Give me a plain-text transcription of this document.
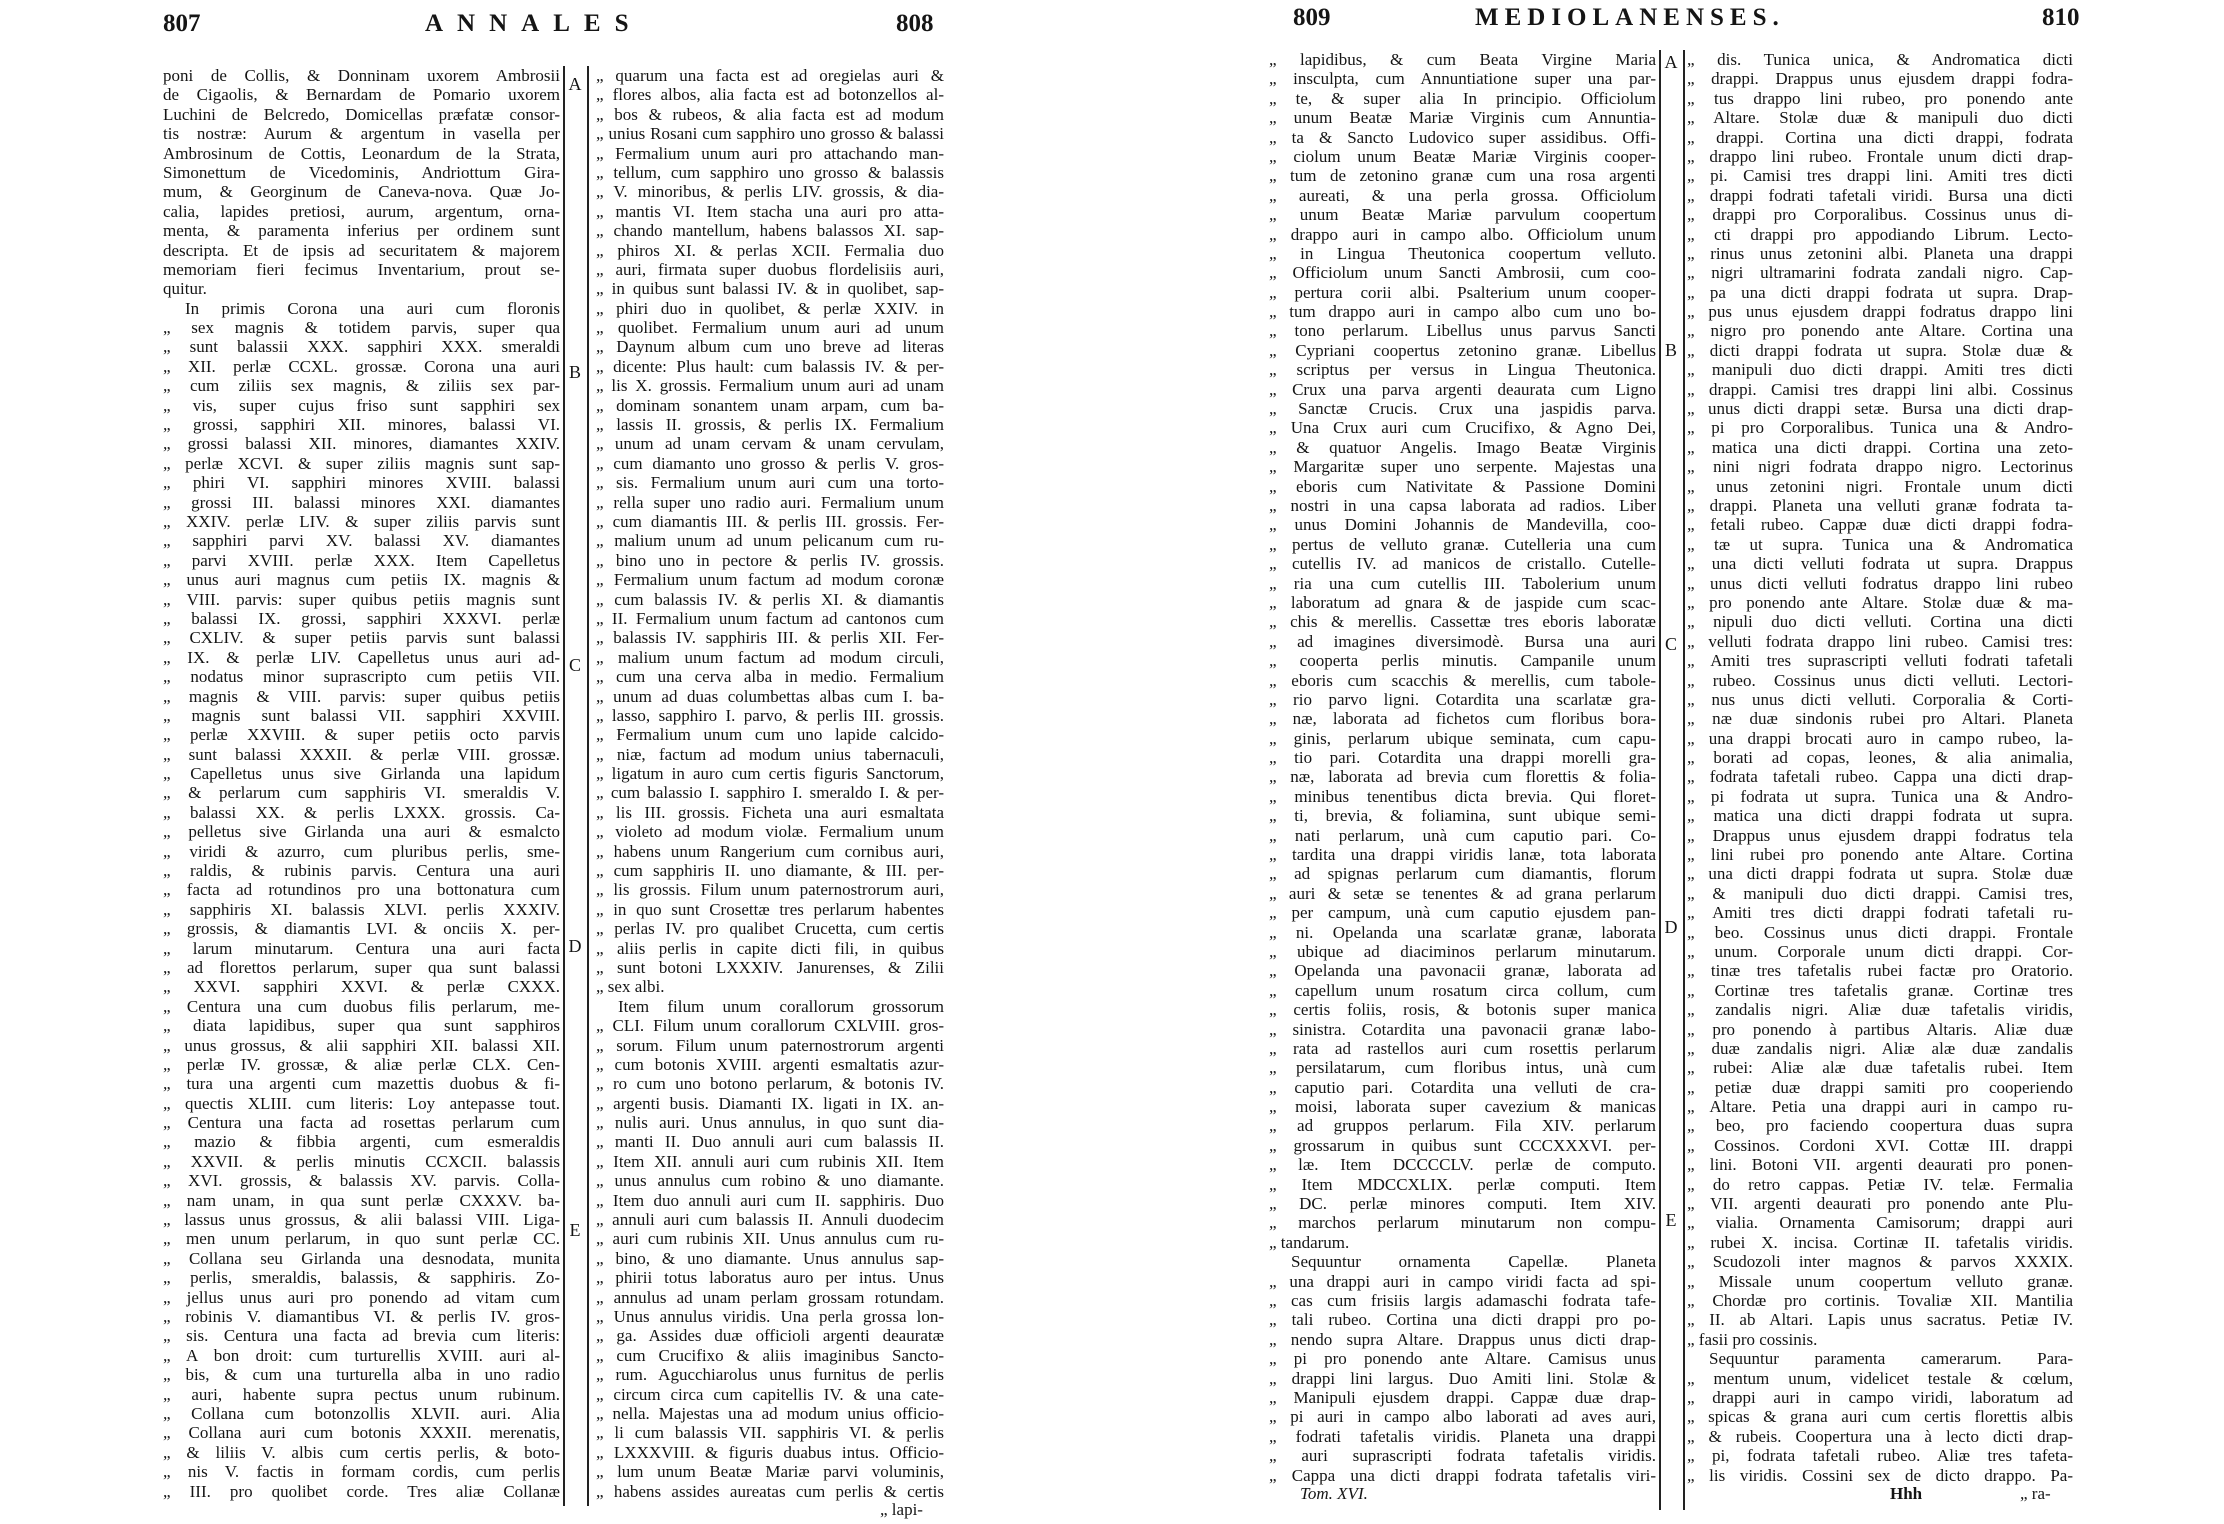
807	ANNALES	808
poni de Collis, & Donninam uxorem Ambrosii
de Cigaolis, & Bernardam de Pomario uxorem
Luchini de Belcredo, Domicellas præfatæ consor-
tis nostræ: Aurum & argentum in vasella per
Ambrosinum de Cottis, Leonardum de la Strata,
Simonettum de Vicedominis, Andriottum Gira-
mum, & Georginum de Caneva-nova. Quæ Jo-
calia, lapides pretiosi, aurum, argentum, orna-
menta, & paramenta inferius per ordinem sunt
descripta. Et de ipsis ad securitatem & majorem
memoriam fieri fecimus Inventarium, prout se-
quitur.
In primis Corona una auri cum floronis
„ sex magnis & totidem parvis, super qua
„ sunt balassii XXX. sapphiri XXX. smeraldi
„ XII. perlæ CCXL. grossæ. Corona una auri
„ cum ziliis sex magnis, & ziliis sex par-
„ vis, super cujus friso sunt sapphiri sex
„ grossi, sapphiri XII. minores, balassi VI.
„ grossi balassi XII. minores, diamantes XXIV.
„ perlæ XCVI. & super ziliis magnis sunt sap-
„ phiri VI. sapphiri minores XVIII. balassi
„ grossi III. balassi minores XXI. diamantes
„ XXIV. perlæ LIV. & super ziliis parvis sunt
„ sapphiri parvi XV. balassi XV. diamantes
„ parvi XVIII. perlæ XXX. Item Capelletus
„ unus auri magnus cum petiis IX. magnis &
„ VIII. parvis: super quibus petiis magnis sunt
„ balassi IX. grossi, sapphiri XXXVI. perlæ
„ CXLIV. & super petiis parvis sunt balassi
„ IX. & perlæ LIV. Capelletus unus auri ad-
„ nodatus minor suprascripto cum petiis VII.
„ magnis & VIII. parvis: super quibus petiis
„ magnis sunt balassi VII. sapphiri XXVIII.
„ perlæ XXVIII. & super petiis octo parvis
„ sunt balassi XXXII. & perlæ VIII. grossæ.
„ Capelletus unus sive Girlanda una lapidum
„ & perlarum cum sapphiris VI. smeraldis V.
„ balassi XX. & perlis LXXX. grossis. Ca-
„ pelletus sive Girlanda una auri & esmalcto
„ viridi & azurro, cum pluribus perlis, sme-
„ raldis, & rubinis parvis. Centura una auri
„ facta ad rotundinos pro una bottonatura cum
„ sapphiris XI. balassis XLVI. perlis XXXIV.
„ grossis, & diamantis LVI. & onciis X. per-
„ larum minutarum. Centura una auri facta
„ ad florettos perlarum, super qua sunt balassi
„ XXVI. sapphiri XXVI. & perlæ CXXX.
„ Centura una cum duobus filis perlarum, me-
„ diata lapidibus, super qua sunt sapphiros
„ unus grossus, & alii sapphiri XII. balassi XII.
„ perlæ IV. grossæ, & aliæ perlæ CLX. Cen-
„ tura una argenti cum mazettis duobus & fi-
„ quectis XLIII. cum literis: Loy antepasse tout.
„ Centura una facta ad rosettas perlarum cum
„ mazio & fibbia argenti, cum esmeraldis
„ XXVII. & perlis minutis CCXCII. balassis
„ XVI. grossis, & balassis XV. parvis. Colla-
„ nam unam, in qua sunt perlæ CXXXV. ba-
„ lassus unus grossus, & alii balassi VIII. Liga-
„ men unum perlarum, in quo sunt perlæ CC.
„ Collana seu Girlanda una desnodata, munita
„ perlis, smeraldis, balassis, & sapphiris. Zo-
„ jellus unus auri pro ponendo ad vitam cum
„ robinis V. diamantibus VI. & perlis IV. gros-
„ sis. Centura una facta ad brevia cum literis:
„ A bon droit: cum turturellis XVIII. auri al-
„ bis, & cum una turturella alba in uno radio
„ auri, habente supra pectus unum rubinum.
„ Collana cum botonzollis XLVII. auri. Alia
„ Collana auri cum botonis XXXII. merenatis,
„ & liliis V. albis cum certis perlis, & boto-
„ nis V. factis in formam cordis, cum perlis
„ III. pro quolibet corde. Tres aliæ Collanæ
A
B
C
D
E
„ quarum una facta est ad oregielas auri &
„ flores albos, alia facta est ad botonzellos al-
„ bos & rubeos, & alia facta est ad modum
„ unius Rosani cum sapphiro uno grosso & balassi
„ Fermalium unum auri pro attachando man-
„ tellum, cum sapphiro uno grosso & balassis
„ V. minoribus, & perlis LIV. grossis, & dia-
„ mantis VI. Item stacha una auri pro atta-
„ chando mantellum, habens balassos XI. sap-
„ phiros XI. & perlas XCII. Fermalia duo
„ auri, firmata super duobus flordelisiis auri,
„ in quibus sunt balassi IV. & in quolibet, sap-
„ phiri duo in quolibet, & perlæ XXIV. in
„ quolibet. Fermalium unum auri ad unum
„ Daynum album cum uno breve ad literas
„ dicente: Plus hault: cum balassis IV. & per-
„ lis X. grossis. Fermalium unum auri ad unam
„ dominam sonantem unam arpam, cum ba-
„ lassis II. grossis, & perlis IX. Fermalium
„ unum ad unam cervam & unam cervulam,
„ cum diamanto uno grosso & perlis V. gros-
„ sis. Fermalium unum auri cum una torto-
„ rella super uno radio auri. Fermalium unum
„ cum diamantis III. & perlis III. grossis. Fer-
„ malium unum ad unum pelicanum cum ru-
„ bino uno in pectore & perlis IV. grossis.
„ Fermalium unum factum ad modum coronæ
„ cum balassis IV. & perlis XI. & diamantis
„ II. Fermalium unum factum ad cantonos cum
„ balassis IV. sapphiris III. & perlis XII. Fer-
„ malium unum factum ad modum circuli,
„ cum una cerva alba in medio. Fermalium
„ unum ad duas columbettas albas cum I. ba-
„ lasso, sapphiro I. parvo, & perlis III. grossis.
„ Fermalium unum cum uno lapide calcido-
„ niæ, factum ad modum unius tabernaculi,
„ ligatum in auro cum certis figuris Sanctorum,
„ cum balassio I. sapphiro I. smeraldo I. & per-
„ lis III. grossis. Ficheta una auri esmaltata
„ violeto ad modum violæ. Fermalium unum
„ habens unum Rangerium cum cornibus auri,
„ cum sapphiris II. uno diamante, & III. per-
„ lis grossis. Filum unum paternostrorum auri,
„ in quo sunt Crosettæ tres perlarum habentes
„ perlas IV. pro qualibet Crucetta, cum certis
„ aliis perlis in capite dicti fili, in quibus
„ sunt botoni LXXXIV. Janurenses, & Zilii
„ sex albi.
Item filum unum corallorum grossorum
„ CLI. Filum unum corallorum CXLVIII. gros-
„ sorum. Filum unum paternostrorum argenti
„ cum botonis XVIII. argenti esmaltatis azur-
„ ro cum uno botono perlarum, & botonis IV.
„ argenti busis. Diamanti IX. ligati in IX. an-
„ nulis auri. Unus annulus, in quo sunt dia-
„ manti II. Duo annuli auri cum balassis II.
„ Item XII. annuli auri cum rubinis XII. Item
„ unus annulus cum robino & uno diamante.
„ Item duo annuli auri cum II. sapphiris. Duo
„ annuli auri cum balassis II. Annuli duodecim
„ auri cum rubinis XII. Unus annulus cum ru-
„ bino, & uno diamante. Unus annulus sap-
„ phirii totus laboratus auro per intus. Unus
„ annulus ad unam perlam grossam rotundam.
„ Unus annulus viridis. Una perla grossa lon-
„ ga. Assides duæ officioli argenti deauratæ
„ cum Crucifixo & aliis imaginibus Sancto-
„ rum. Agucchiarolus unus furnitus de perlis
„ circum circa cum capitellis IV. & una cate-
„ nella. Majestas una ad modum unius officio-
„ li cum balassis VII. sapphiris VI. & perlis
„ LXXXVIII. & figuris duabus intus. Officio-
„ lum unum Beatæ Mariæ parvi voluminis,
„ habens assides aureatas cum perlis & certis
„ lapi-
809	MEDIOLANENSES.	810
„ lapidibus, & cum Beata Virgine Maria
„ insculpta, cum Annuntiatione super una par-
„ te, & super alia In principio. Officiolum
„ unum Beatæ Mariæ Virginis cum Annuntia-
„ ta & Sancto Ludovico super assidibus. Offi-
„ ciolum unum Beatæ Mariæ Virginis cooper-
„ tum de zetonino granæ cum una rosa argenti
„ aureati, & una perla grossa. Officiolum
„ unum Beatæ Mariæ parvulum coopertum
„ drappo auri in campo albo. Officiolum unum
„ in Lingua Theutonica coopertum velluto.
„ Officiolum unum Sancti Ambrosii, cum coo-
„ pertura corii albi. Psalterium unum cooper-
„ tum drappo auri in campo albo cum uno bo-
„ tono perlarum. Libellus unus parvus Sancti
„ Cypriani coopertus zetonino granæ. Libellus
„ scriptus per versus in Lingua Theutonica.
„ Crux una parva argenti deaurata cum Ligno
„ Sanctæ Crucis. Crux una jaspidis parva.
„ Una Crux auri cum Crucifixo, & Agno Dei,
„ & quatuor Angelis. Imago Beatæ Virginis
„ Margaritæ super uno serpente. Majestas una
„ eboris cum Nativitate & Passione Domini
„ nostri in una capsa laborata ad radios. Liber
„ unus Domini Johannis de Mandevilla, coo-
„ pertus de velluto granæ. Cutelleria una cum
„ cutellis IV. ad manicos de cristallo. Cutelle-
„ ria una cum cutellis III. Tabolerium unum
„ laboratum ad gnara & de jaspide cum scac-
„ chis & merellis. Cassettæ tres eboris laboratæ
„ ad imagines diversimodè. Bursa una auri
„ cooperta perlis minutis. Campanile unum
„ eboris cum scacchis & merellis, cum tabole-
„ rio parvo ligni. Cotardita una scarlatæ gra-
„ næ, laborata ad fichetos cum floribus bora-
„ ginis, perlarum ubique seminata, cum capu-
„ tio pari. Cotardita una drappi morelli gra-
„ næ, laborata ad brevia cum florettis & folia-
„ minibus tenentibus dicta brevia. Qui floret-
„ ti, brevia, & foliamina, sunt ubique semi-
„ nati perlarum, unà cum caputio pari. Co-
„ tardita una drappi viridis lanæ, tota laborata
„ ad spignas perlarum cum diamantis, florum
„ auri & setæ se tenentes & ad grana perlarum
„ per campum, unà cum caputio ejusdem pan-
„ ni. Opelanda una scarlatæ granæ, laborata
„ ubique ad diaciminos perlarum minutarum.
„ Opelanda una pavonacii granæ, laborata ad
„ capellum unum rosatum circa collum, cum
„ certis foliis, rosis, & botonis super manica
„ sinistra. Cotardita una pavonacii granæ labo-
„ rata ad rastellos auri cum rosettis perlarum
„ persilatarum, cum floribus intus, unà cum
„ caputio pari. Cotardita una velluti de cra-
„ moisi, laborata super cavezium & manicas
„ ad gruppos perlarum. Fila XIV. perlarum
„ grossarum in quibus sunt CCCXXXVI. per-
„ læ. Item DCCCCLV. perlæ de computo.
„ Item MDCCXLIX. perlæ computi. Item
„ DC. perlæ minores computi. Item XIV.
„ marchos perlarum minutarum non compu-
„ tandarum.
Sequuntur ornamenta Capellæ. Planeta
„ una drappi auri in campo viridi facta ad spi-
„ cas cum frisiis largis adamaschi fodrata tafe-
„ tali rubeo. Cortina una dicti drappi pro po-
„ nendo supra Altare. Drappus unus dicti drap-
„ pi pro ponendo ante Altare. Camisus unus
„ drappi lini largus. Duo Amiti lini. Stolæ &
„ Manipuli ejusdem drappi. Cappæ duæ drap-
„ pi auri in campo albo laborati ad aves auri,
„ fodrati tafetalis viridis. Planeta una drappi
„ auri suprascripti fodrata tafetalis viridis.
„ Cappa una dicti drappi fodrata tafetalis viri-
A
B
C
D
E
„ dis. Tunica unica, & Andromatica dicti
„ drappi. Drappus unus ejusdem drappi fodra-
„ tus drappo lini rubeo, pro ponendo ante
„ Altare. Stolæ duæ & manipuli duo dicti
„ drappi. Cortina una dicti drappi, fodrata
„ drappo lini rubeo. Frontale unum dicti drap-
„ pi. Camisi tres drappi lini. Amiti tres dicti
„ drappi fodrati tafetali viridi. Bursa una dicti
„ drappi pro Corporalibus. Cossinus unus di-
„ cti drappi pro appodiando Librum. Lecto-
„ rinus unus zetonini albi. Planeta una drappi
„ nigri ultramarini fodrata zandali nigro. Cap-
„ pa una dicti drappi fodrata ut supra. Drap-
„ pus unus ejusdem drappi fodratus drappo lini
„ nigro pro ponendo ante Altare. Cortina una
„ dicti drappi fodrata ut supra. Stolæ duæ &
„ manipuli duo dicti drappi. Amiti tres dicti
„ drappi. Camisi tres drappi lini albi. Cossinus
„ unus dicti drappi setæ. Bursa una dicti drap-
„ pi pro Corporalibus. Tunica una & Andro-
„ matica una dicti drappi. Cortina una zeto-
„ nini nigri fodrata drappo nigro. Lectorinus
„ unus zetonini nigri. Frontale unum dicti
„ drappi. Planeta una velluti granæ fodrata ta-
„ fetali rubeo. Cappæ duæ dicti drappi fodra-
„ tæ ut supra. Tunica una & Andromatica
„ una dicti velluti fodrata ut supra. Drappus
„ unus dicti velluti fodratus drappo lini rubeo
„ pro ponendo ante Altare. Stolæ duæ & ma-
„ nipuli duo dicti velluti. Cortina una dicti
„ velluti fodrata drappo lini rubeo. Camisi tres:
„ Amiti tres suprascripti velluti fodrati tafetali
„ rubeo. Cossinus unus dicti velluti. Lectori-
„ nus unus dicti velluti. Corporalia & Corti-
„ næ duæ sindonis rubei pro Altari. Planeta
„ una drappi brocati auro in campo rubeo, la-
„ borati ad copas, leones, & alia animalia,
„ fodrata tafetali rubeo. Cappa una dicti drap-
„ pi fodrata ut supra. Tunica una & Andro-
„ matica una dicti drappi fodrata ut supra.
„ Drappus unus ejusdem drappi fodratus tela
„ lini rubei pro ponendo ante Altare. Cortina
„ una dicti drappi fodrata ut supra. Stolæ duæ
„ & manipuli duo dicti drappi. Camisi tres,
„ Amiti tres dicti drappi fodrati tafetali ru-
„ beo. Cossinus unus dicti drappi. Frontale
„ unum. Corporale unum dicti drappi. Cor-
„ tinæ tres tafetalis rubei factæ pro Oratorio.
„ Cortinæ tres tafetalis granæ. Cortinæ tres
„ zandalis nigri. Aliæ duæ tafetalis viridis,
„ pro ponendo à partibus Altaris. Aliæ duæ
„ duæ zandalis nigri. Aliæ alæ duæ zandalis
„ rubei: Aliæ alæ duæ tafetalis rubei. Item
„ petiæ duæ drappi samiti pro cooperiendo
„ Altare. Petia una drappi auri in campo ru-
„ beo, pro faciendo coopertura duas supra
„ Cossinos. Cordoni XVI. Cottæ III. drappi
„ lini. Botoni VII. argenti deaurati pro ponen-
„ do retro cappas. Petiæ IV. telæ. Fermalia
„ VII. argenti deaurati pro ponendo ante Plu-
„ vialia. Ornamenta Camisorum; drappi auri
„ rubei X. incisa. Cortinæ II. tafetalis viridis.
„ Scudozoli inter magnos & parvos XXXIX.
„ Missale unum coopertum velluto granæ.
„ Chordæ pro cortinis. Tovaliæ XII. Mantilia
„ II. ab Altari. Lapis unus sacratus. Petiæ IV.
„ fasii pro cossinis.
Sequuntur paramenta camerarum. Para-
„ mentum unum, videlicet testale & cœlum,
„ drappi auri in campo viridi, laboratum ad
„ spicas & grana auri cum certis florettis albis
„ & rubeis. Coopertura una à lecto dicti drap-
„ pi, fodrata tafetali rubeo. Aliæ tres tafeta-
„ lis viridis. Cossini sex de dicto drappo. Pa-
Tom. XVI.	Hhh	„ ra-
